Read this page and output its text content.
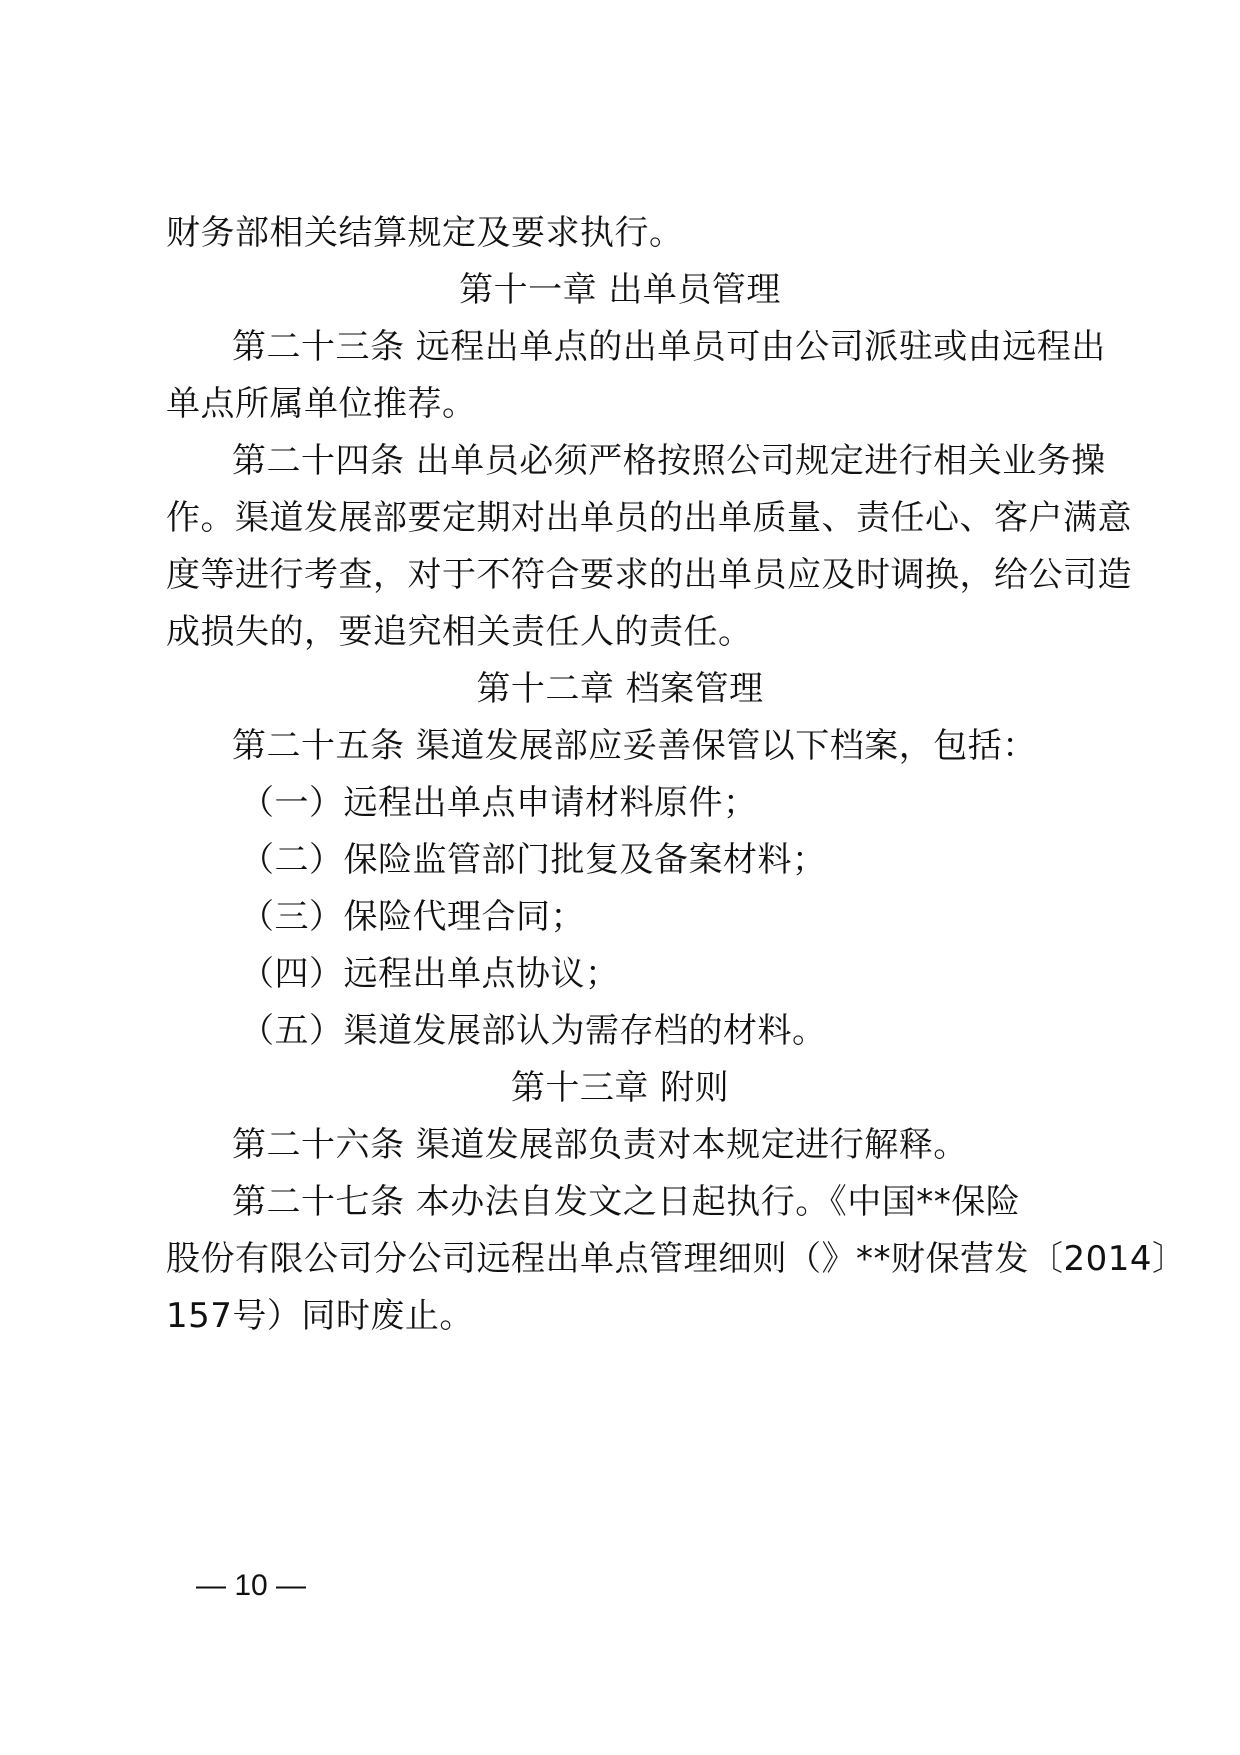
财务部相关结算规定及要求执行。
第十一章 出单员管理
第二十三条 远程出单点的出单员可由公司派驻或由远程出
单点所属单位推荐。
第二十四条 出单员必须严格按照公司规定进行相关业务操
作。渠道发展部要定期对出单员的出单质量、责任心、客户满意
度等进行考查，对于不符合要求的出单员应及时调换，给公司造
成损失的，要追究相关责任人的责任。
第十二章 档案管理
第二十五条 渠道发展部应妥善保管以下档案，包括：
（一）远程出单点申请材料原件；
（二）保险监管部门批复及备案材料；
（三）保险代理合同；
（四）远程出单点协议；
（五）渠道发展部认为需存档的材料。
第十三章 附则
第二十六条 渠道发展部负责对本规定进行解释。
第二十七条 本办法自发文之日起执行。《中国**保险
股份有限公司分公司远程出单点管理细则（》**财保营发〔2014〕
157号）同时废止。
— 10 —
